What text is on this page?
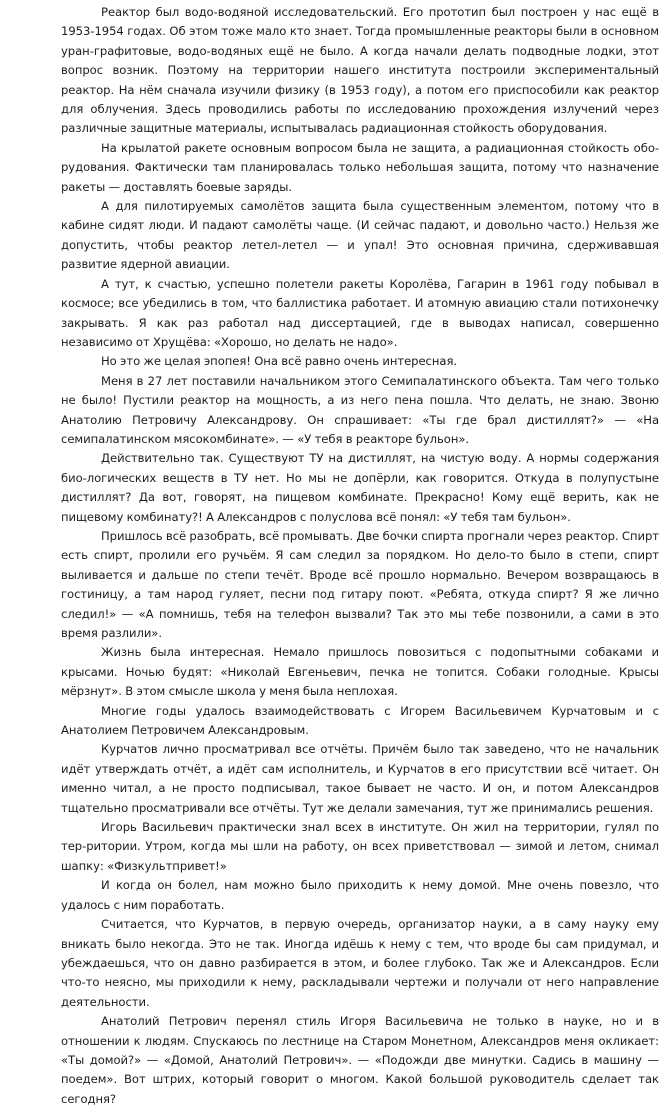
Реактор был водо-водяной исследовательский. Его прототип был построен у нас ещё в 1953-1954 годах. Об этом тоже мало кто знает. Тогда промышленные реакторы были в основном уран-графитовые, водо-водяных ещё не было. А когда начали делать подводные лодки, этот вопрос возник. Поэтому на территории нашего института построили экспериментальный реактор. На нём сначала изучили физику (в 1953 году), а потом его приспособили как реактор для облучения. Здесь проводились работы по исследованию прохождения излучений через различные защитные материалы, испытывалась радиационная стойкость оборудования.

На крылатой ракете основным вопросом была не защита, а радиационная стойкость обо-рудования. Фактически там планировалась только небольшая защита, потому что назначение ракеты — доставлять боевые заряды.

А для пилотируемых самолётов защита была существенным элементом, потому что в кабине сидят люди. И падают самолёты чаще. (И сейчас падают, и довольно часто.) Нельзя же допустить, чтобы реактор летел-летел — и упал! Это основная причина, сдерживавшая развитие ядерной авиации.

А тут, к счастью, успешно полетели ракеты Королёва, Гагарин в 1961 году побывал в космосе; все убедились в том, что баллистика работает. И атомную авиацию стали потихонечку закрывать. Я как раз работал над диссертацией, где в выводах написал, совершенно независимо от Хрущёва: «Хорошо, но делать не надо».

Но это же целая эпопея! Она всё равно очень интересная.

Меня в 27 лет поставили начальником этого Семипалатинского объекта. Там чего только не было! Пустили реактор на мощность, а из него пена пошла. Что делать, не знаю. Звоню Анатолию Петровичу Александрову. Он спрашивает: «Ты где брал дистиллят?» — «На семипалатинском мясокомбинате». — «У тебя в реакторе бульон».

Действительно так. Существуют ТУ на дистиллят, на чистую воду. А нормы содержания био-логических веществ в ТУ нет. Но мы не допёрли, как говорится. Откуда в полупустыне дистиллят? Да вот, говорят, на пищевом комбинате. Прекрасно! Кому ещё верить, как не пищевому комбинату?! А Александров с полуслова всё понял: «У тебя там бульон».

Пришлось всё разобрать, всё промывать. Две бочки спирта прогнали через реактор. Спирт есть спирт, пролили его ручьём. Я сам следил за порядком. Но дело-то было в степи, спирт выливается и дальше по степи течёт. Вроде всё прошло нормально. Вечером возвращаюсь в гостиницу, а там народ гуляет, песни под гитару поют. «Ребята, откуда спирт? Я же лично следил!» — «А помнишь, тебя на телефон вызвали? Так это мы тебе позвонили, а сами в это время разлили».

Жизнь была интересная. Немало пришлось повозиться с подопытными собаками и крысами. Ночью будят: «Николай Евгеньевич, печка не топится. Собаки голодные. Крысы мёрзнут». В этом смысле школа у меня была неплохая.

Многие годы удалось взаимодействовать с Игорем Васильевичем Курчатовым и с Анатолием Петровичем Александровым.

Курчатов лично просматривал все отчёты. Причём было так заведено, что не начальник идёт утверждать отчёт, а идёт сам исполнитель, и Курчатов в его присутствии всё читает. Он именно читал, а не просто подписывал, такое бывает не часто. И он, и потом Александров тщательно просматривали все отчёты. Тут же делали замечания, тут же принимались решения.

Игорь Васильевич практически знал всех в институте. Он жил на территории, гулял по тер-ритории. Утром, когда мы шли на работу, он всех приветствовал — зимой и летом, снимал шапку: «Физкультпривет!»

И когда он болел, нам можно было приходить к нему домой. Мне очень повезло, что удалось с ним поработать.

Считается, что Курчатов, в первую очередь, организатор науки, а в саму науку ему вникать было некогда. Это не так. Иногда идёшь к нему с тем, что вроде бы сам придумал, и убеждаешься, что он давно разбирается в этом, и более глубоко. Так же и Александров. Если что-то неясно, мы приходили к нему, раскладывали чертежи и получали от него направление деятельности.

Анатолий Петрович перенял стиль Игоря Васильевича не только в науке, но и в отношении к людям. Спускаюсь по лестнице на Старом Монетном, Александров меня окликает: «Ты домой?» — «Домой, Анатолий Петрович». — «Подожди две минутки. Садись в машину — поедем». Вот штрих, который говорит о многом. Какой большой руководитель сделает так сегодня?
